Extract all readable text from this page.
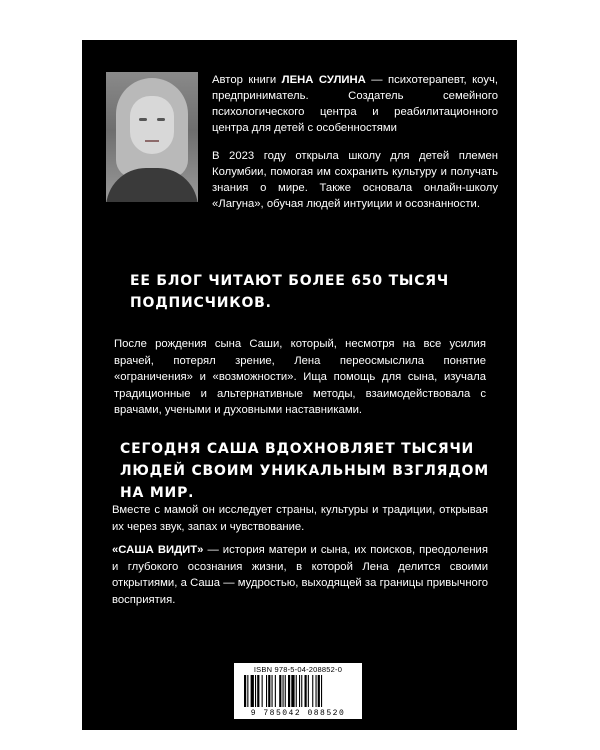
Автор книги ЛЕНА СУЛИНА — психотерапевт, коуч, предприниматель. Создатель семейного психологического центра и реабилитационного центра для детей с особенностями

В 2023 году открыла школу для детей племен Колумбии, помогая им сохранить культуру и получать знания о мире. Также основала онлайн-школу «Лагуна», обучая людей интуиции и осознанности.

ЕЕ БЛОГ ЧИТАЮТ БОЛЕЕ 650 ТЫСЯЧ ПОДПИСЧИКОВ.

После рождения сына Саши, который, несмотря на все усилия врачей, потерял зрение, Лена переосмыслила понятие «ограничения» и «возможности». Ища помощь для сына, изучала традиционные и альтернативные методы, взаимодействовала с врачами, учеными и духовными наставниками.

СЕГОДНЯ САША ВДОХНОВЛЯЕТ ТЫСЯЧИ ЛЮДЕЙ СВОИМ УНИКАЛЬНЫМ ВЗГЛЯДОМ НА МИР.

Вместе с мамой он исследует страны, культуры и традиции, открывая их через звук, запах и чувствование.

«САША ВИДИТ» — история матери и сына, их поисков, преодоления и глубокого осознания жизни, в которой Лена делится своими открытиями, а Саша — мудростью, выходящей за границы привычного восприятия.

ISBN 978-5-04-208852-0
9 785042 088520
